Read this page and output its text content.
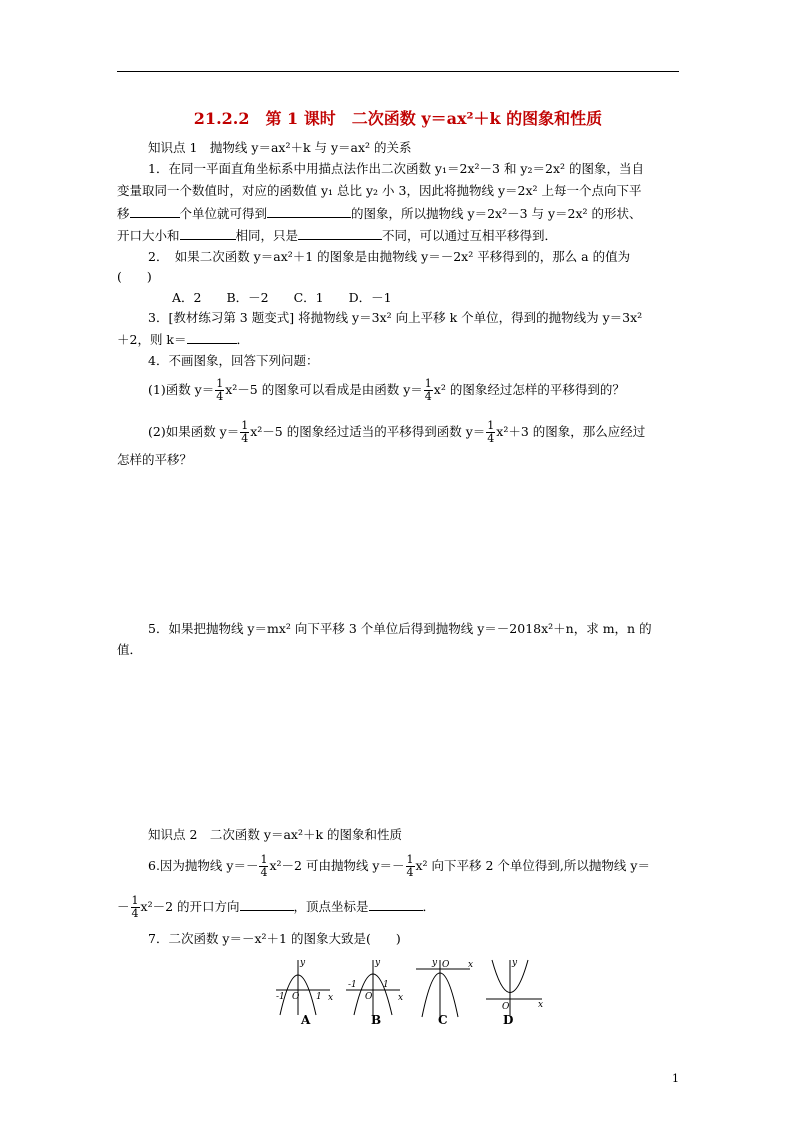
21.2.2　第 1 课时　二次函数 y＝ax²＋k 的图象和性质
知识点 1　抛物线 y＝ax²＋k 与 y＝ax² 的关系
1．在同一平面直角坐标系中用描点法作出二次函数 y₁＝2x²－3 和 y₂＝2x² 的图象，当自
变量取同一个数值时，对应的函数值 y₁ 总比 y₂ 小 3，因此将抛物线 y＝2x² 上每一个点向下平
移	个单位就可得到	的图象，所以抛物线 y＝2x²－3 与 y＝2x² 的形状、
开口大小和	相同，只是	不同，可以通过互相平移得到．
2．　如果二次函数 y＝ax²＋1 的图象是由抛物线 y＝－2x² 平移得到的，那么 a 的值为
(　　)
A．2　　B．－2　　C．1　　D．－1
3．[教材练习第 3 题变式] 将抛物线 y＝3x² 向上平移 k 个单位，得到的抛物线为 y＝3x²
＋2，则 k＝	．
4．不画图象，回答下列问题：
(1)函数 $y= \frac{1}{4} x^2-5$ 的图象可以看成是由函数 $y= \frac{1}{4} x^2$ 的图象经过怎样的平移得到的？
(2)如果函数 $y= \frac{1}{4} x^2-5$ 的图象经过适当的平移得到函数 $y= \frac{1}{4} x^2+3$ 的图象，那么应经过
怎样的平移？
5．如果把抛物线 y＝mx² 向下平移 3 个单位后得到抛物线 y＝－2018x²＋n，求 m，n 的
值．
知识点 2　二次函数 y＝ax²＋k 的图象和性质
6.因为抛物线 $y=- \frac{1}{4} x^2-2$ 可由抛物线 $y=- \frac{1}{4} x^2$ 向下平移 2 个单位得到,所以抛物线 y＝
－ $\frac{1}{4} x^2-2$ 的开口方向	，顶点坐标是	．
7．二次函数 y＝－x²＋1 的图象大致是(　　)
x
y
-1 O 1	x
y
-1
O
1
x
y O
x
y
O
A	B	C	D
1
